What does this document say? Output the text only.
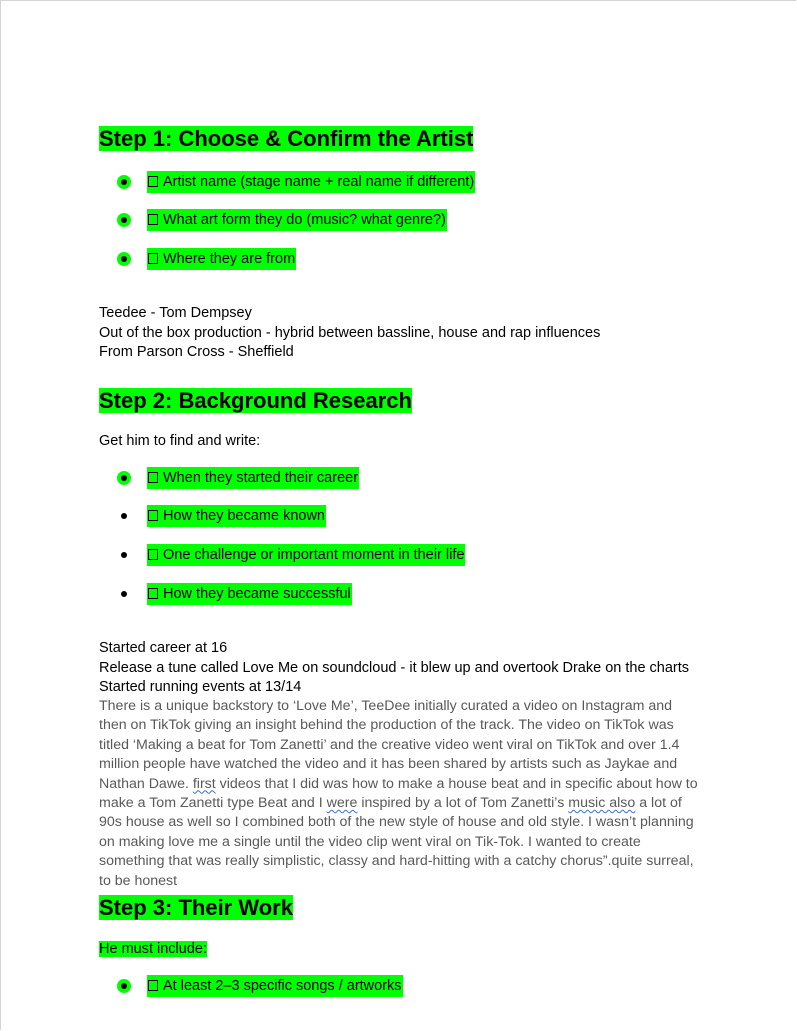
Step 1: Choose & Confirm the Artist
Artist name (stage name + real name if different)
What art form they do (music? what genre?)
Where they are from

Teedee - Tom Dempsey

Out of the box production - hybrid between bassline, house and rap influences

From Parson Cross - Sheffield

Step 2: Background Research

Get him to find and write:

When they started their career
How they became known
One challenge or important moment in their life
How they became successful

Started career at 16

Release a tune called Love Me on soundcloud - it blew up and overtook Drake on the charts

Started running events at 13/14

There is a unique backstory to ‘Love Me’, TeeDee initially curated a video on Instagram and then on TikTok giving an insight behind the production of the track. The video on TikTok was titled ‘Making a beat for Tom Zanetti’ and the creative video went viral on TikTok and over 1.4 million people have watched the video and it has been shared by artists such as Jaykae and Nathan Dawe. first videos that I did was how to make a house beat and in specific about how to make a Tom Zanetti type Beat and I were inspired by a lot of Tom Zanetti’s music also a lot of 90s house as well so I combined both of the new style of house and old style. I wasn’t planning on making love me a single until the video clip went viral on Tik-Tok. I wanted to create something that was really simplistic, classy and hard-hitting with a catchy chorus”.quite surreal, to be honest

Step 3: Their Work

He must include:

At least 2–3 specific songs / artworks
